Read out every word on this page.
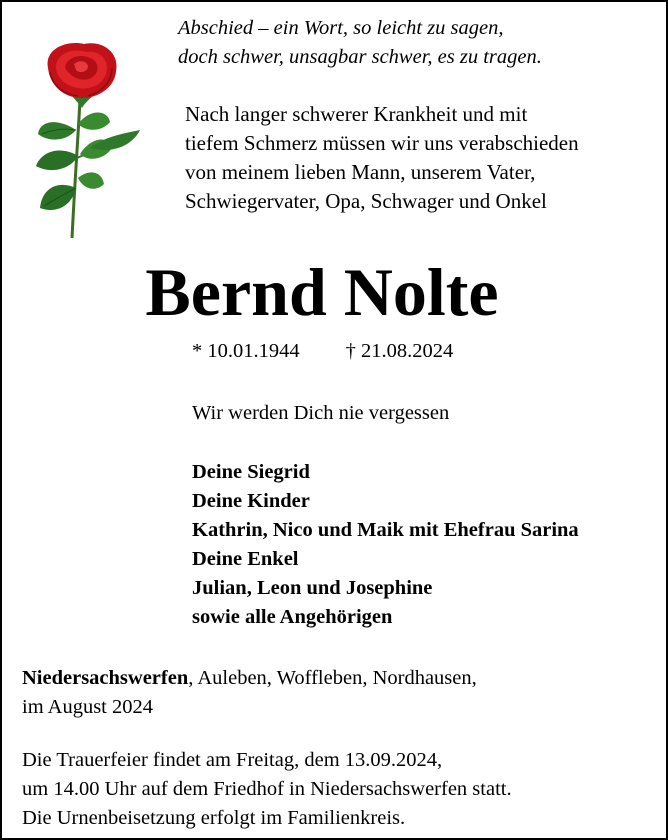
Abschied – ein Wort, so leicht zu sagen,
doch schwer, unsagbar schwer, es zu tragen.
Nach langer schwerer Krankheit und mit
tiefem Schmerz müssen wir uns verabschieden
von meinem lieben Mann, unserem Vater,
Schwiegervater, Opa, Schwager und Onkel
Bernd Nolte
* 10.01.1944 † 21.08.2024
Wir werden Dich nie vergessen
Deine Siegrid
Deine Kinder
Kathrin, Nico und Maik mit Ehefrau Sarina
Deine Enkel
Julian, Leon und Josephine
sowie alle Angehörigen
Niedersachswerfen, Auleben, Woffleben, Nordhausen,
im August 2024
Die Trauerfeier findet am Freitag, dem 13.09.2024,
um 14.00 Uhr auf dem Friedhof in Niedersachswerfen statt.
Die Urnenbeisetzung erfolgt im Familienkreis.
